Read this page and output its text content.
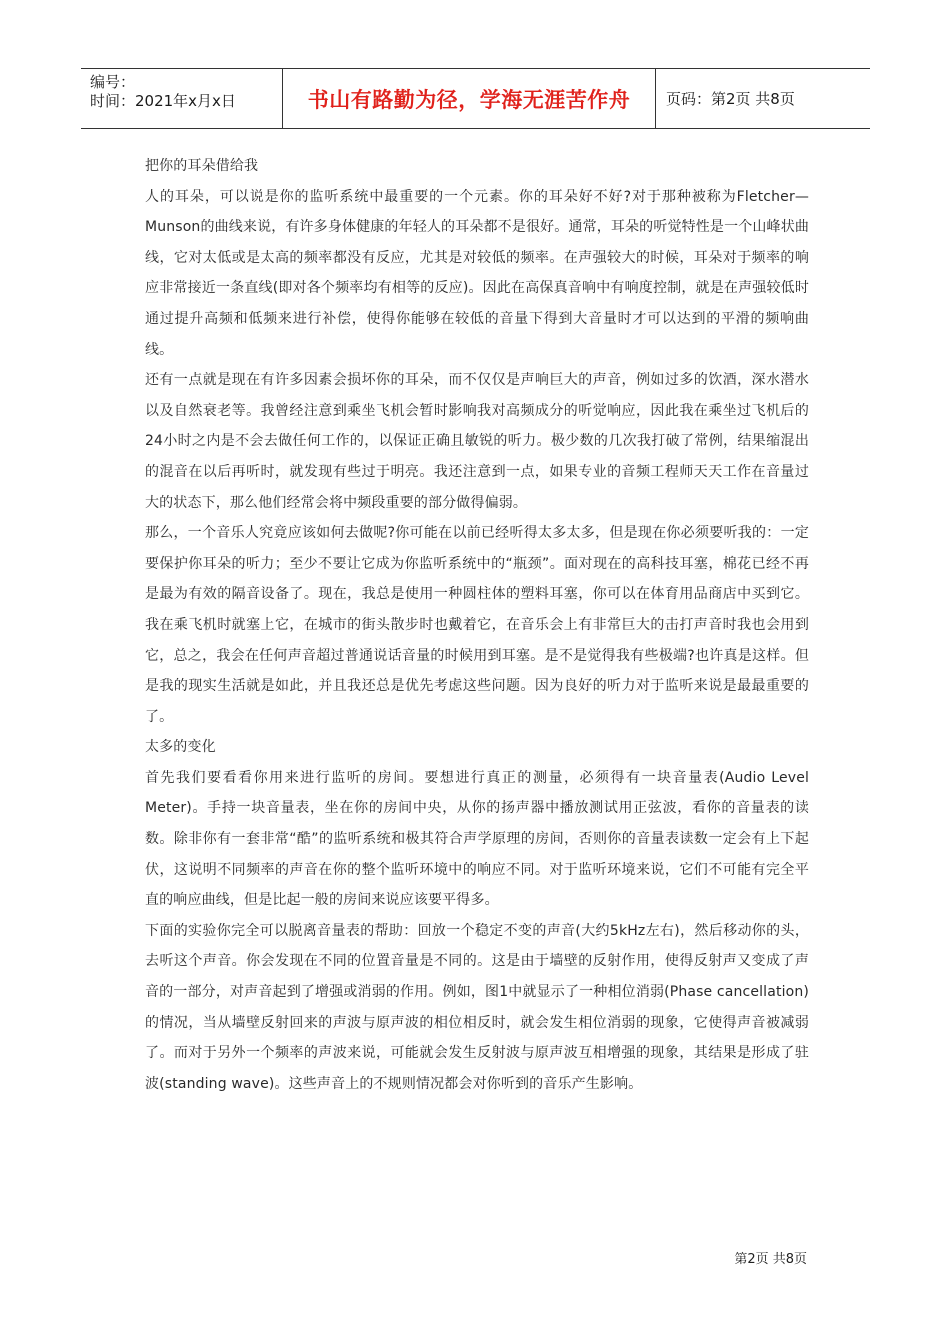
编号：
时间：2021年x月x日	书山有路勤为径，学海无涯苦作舟 页码：第2页 共8页

把你的耳朵借给我

人的耳朵，可以说是你的监听系统中最重要的一个元素。你的耳朵好不好?对于那种被称为Fletcher—Munson的曲线来说，有许多身体健康的年轻人的耳朵都不是很好。通常，耳朵的听觉特性是一个山峰状曲线，它对太低或是太高的频率都没有反应，尤其是对较低的频率。在声强较大的时候，耳朵对于频率的响应非常接近一条直线(即对各个频率均有相等的反应)。因此在高保真音响中有响度控制，就是在声强较低时通过提升高频和低频来进行补偿，使得你能够在较低的音量下得到大音量时才可以达到的平滑的频响曲线。

还有一点就是现在有许多因素会损坏你的耳朵，而不仅仅是声响巨大的声音，例如过多的饮酒，深水潜水以及自然衰老等。我曾经注意到乘坐飞机会暂时影响我对高频成分的听觉响应，因此我在乘坐过飞机后的24小时之内是不会去做任何工作的，以保证正确且敏锐的听力。极少数的几次我打破了常例，结果缩混出的混音在以后再听时，就发现有些过于明亮。我还注意到一点，如果专业的音频工程师天天工作在音量过大的状态下，那么他们经常会将中频段重要的部分做得偏弱。

那么，一个音乐人究竟应该如何去做呢?你可能在以前已经听得太多太多，但是现在你必须要听我的：一定要保护你耳朵的听力；至少不要让它成为你监听系统中的“瓶颈”。面对现在的高科技耳塞，棉花已经不再是最为有效的隔音设备了。现在，我总是使用一种圆柱体的塑料耳塞，你可以在体育用品商店中买到它。我在乘飞机时就塞上它，在城市的街头散步时也戴着它，在音乐会上有非常巨大的击打声音时我也会用到它，总之，我会在任何声音超过普通说话音量的时候用到耳塞。是不是觉得我有些极端?也许真是这样。但是我的现实生活就是如此，并且我还总是优先考虑这些问题。因为良好的听力对于监听来说是最最重要的了。

太多的变化

首先我们要看看你用来进行监听的房间。要想进行真正的测量，必须得有一块音量表(Audio Level Meter)。手持一块音量表，坐在你的房间中央，从你的扬声器中播放测试用正弦波，看你的音量表的读数。除非你有一套非常“酷”的监听系统和极其符合声学原理的房间，否则你的音量表读数一定会有上下起伏，这说明不同频率的声音在你的整个监听环境中的响应不同。对于监听环境来说，它们不可能有完全平直的响应曲线，但是比起一般的房间来说应该要平得多。

下面的实验你完全可以脱离音量表的帮助：回放一个稳定不变的声音(大约5kHz左右)，然后移动你的头，去听这个声音。你会发现在不同的位置音量是不同的。这是由于墙壁的反射作用，使得反射声又变成了声音的一部分，对声音起到了增强或消弱的作用。例如，图1中就显示了一种相位消弱(Phase cancellation)的情况，当从墙壁反射回来的声波与原声波的相位相反时，就会发生相位消弱的现象，它使得声音被减弱了。而对于另外一个频率的声波来说，可能就会发生反射波与原声波互相增强的现象，其结果是形成了驻波(standing wave)。这些声音上的不规则情况都会对你听到的音乐产生影响。

第2页 共8页
